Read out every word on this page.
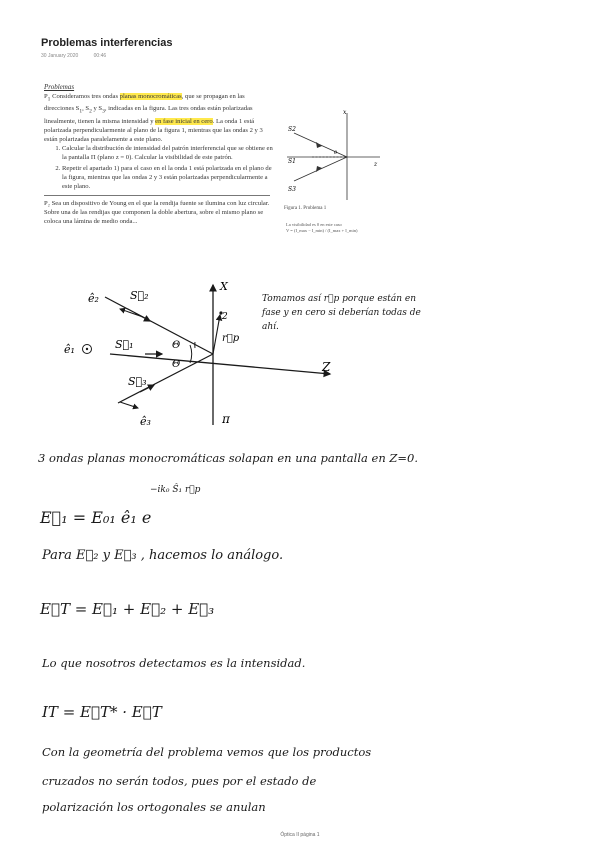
Problemas interferencias
30 January 2020	00:46

Problemas

$P_1$ Consideramos tres ondas planas monocromáticas, que se propagan en las direcciones $S_1$, $S_2$ y $S_3$, indicadas en la figura. Las tres ondas están polarizadas linealmente, tienen la misma intensidad y en fase inicial en cero. La onda 1 está polarizada perpendicularmente al plano de la figura 1, mientras que las ondas 2 y 3 están polarizadas paralelamente a este plano.

1. Calcular la distribución de intensidad del patrón interferencial que se obtiene en la pantalla Π (plano z = 0). Calcular la visibilidad de este patrón.
2. Repetir el apartado 1) para el caso en el la onda 1 está polarizada en el plano de la figura, mientras que las ondas 2 y 3 están polarizadas perpendicularmente a este plano.

P₂ Sea un dispositivo de Young en el que la rendija fuente se ilumina con luz circular. Sobre una de las rendijas que componen la doble abertura, sobre el mismo plano se coloca una lámina de medio onda...

x
z
S2
S1
S3
θ
Figura 1. Problema 1
La visibilidad es 0 en este caso
V = (I_max − I_min) / (I_max + I_min)
ê₂	S⃗₂
ê₁	S⃗₁
S⃗₃
ê₃
Θ
Θ
X
2
r⃗p
Z
π
Tomamos así r⃗p porque están en fase y en cero si deberían todas de ahí.
3 ondas planas monocromáticas solapan en una pantalla en Z=0.
−ik₀ Ŝ₁ r⃗p
E⃗₁ = E₀₁ ê₁ e
Para E⃗₂ y E⃗₃ , hacemos lo análogo.
E⃗T = E⃗₁ + E⃗₂ + E⃗₃
Lo que nosotros detectamos es la intensidad.
IT = E⃗T* · E⃗T
Con la geometría del problema vemos que los productos
cruzados no serán todos, pues por el estado de
polarización los ortogonales se anulan
Óptica II página 1
